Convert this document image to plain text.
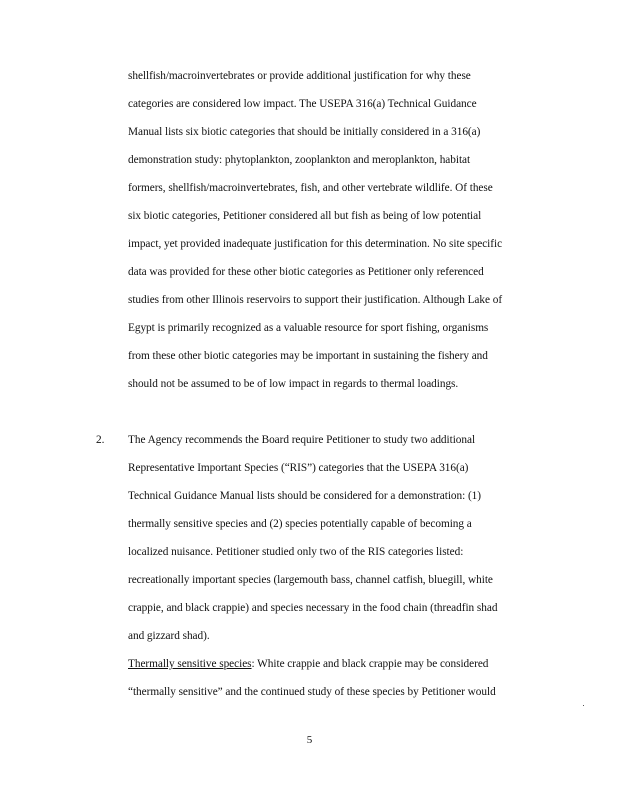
shellfish/macroinvertebrates or provide additional justification for why these
categories are considered low impact. The USEPA 316(a) Technical Guidance
Manual lists six biotic categories that should be initially considered in a 316(a)
demonstration study: phytoplankton, zooplankton and meroplankton, habitat
formers, shellfish/macroinvertebrates, fish, and other vertebrate wildlife. Of these
six biotic categories, Petitioner considered all but fish as being of low potential
impact, yet provided inadequate justification for this determination. No site specific
data was provided for these other biotic categories as Petitioner only referenced
studies from other Illinois reservoirs to support their justification. Although Lake of
Egypt is primarily recognized as a valuable resource for sport fishing, organisms
from these other biotic categories may be important in sustaining the fishery and
should not be assumed to be of low impact in regards to thermal loadings.
2. The Agency recommends the Board require Petitioner to study two additional
Representative Important Species (“RIS”) categories that the USEPA 316(a)
Technical Guidance Manual lists should be considered for a demonstration: (1)
thermally sensitive species and (2) species potentially capable of becoming a
localized nuisance. Petitioner studied only two of the RIS categories listed:
recreationally important species (largemouth bass, channel catfish, bluegill, white
crappie, and black crappie) and species necessary in the food chain (threadfin shad
and gizzard shad).
Thermally sensitive species: White crappie and black crappie may be considered
“thermally sensitive” and the continued study of these species by Petitioner would
5
